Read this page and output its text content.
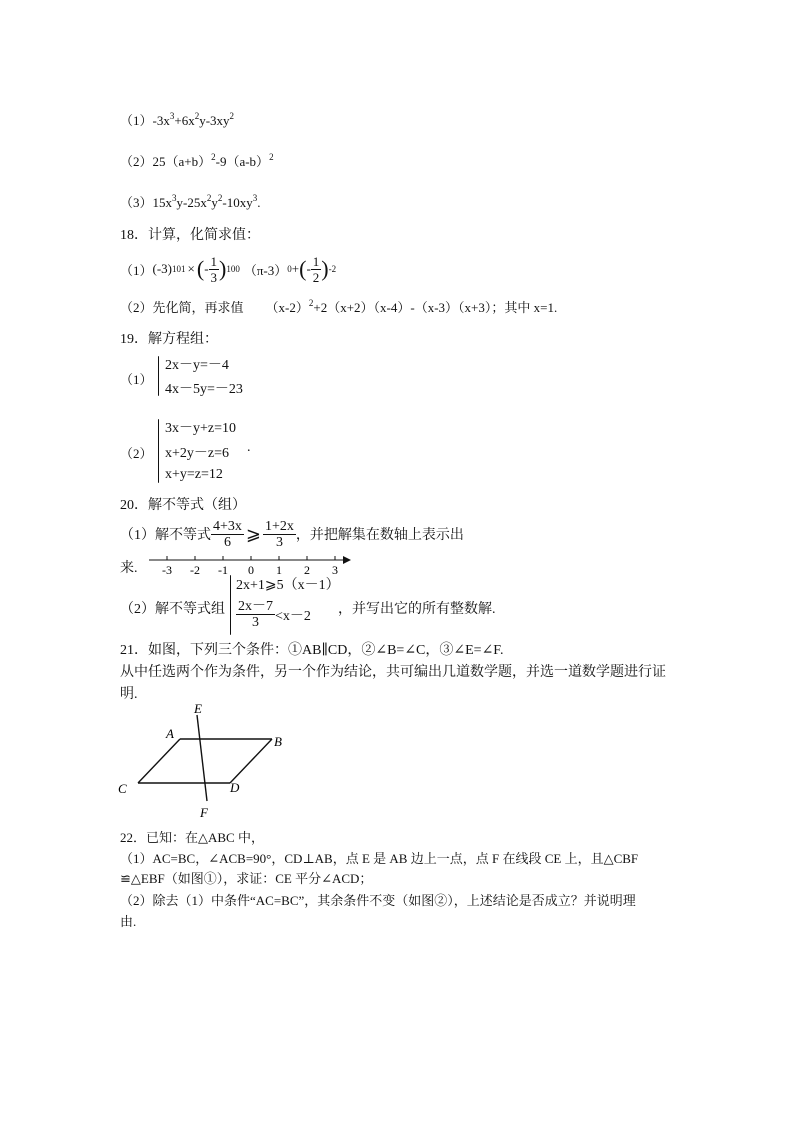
$(1)-3x^3+6x^2y-3xy^2$
$(2)25(a+b)^2-9(a-b)^2$
$(3)15x^3y-25x^2y^2-10xy^3$.
18．计算，化简求值：
（1） (-3) 101 × ( - $\frac{1}{3}$ ) 100 （π-3） 0 + ( - $\frac{1}{2}$ ) -2
（2）先化简，再求值 $(x-2)^2+2(x+2)(x-4)-(x-3)(x+3)$；其中 x=1.
19．解方程组：
（1）
2x－y=－4
4x－5y=－23
（2）
3x－y+z=10
x+2y－z=6
x+y=z=12
.
20．解不等式（组）
（1）解不等式 $\frac{4+3x}{6}$ ⩾ $\frac{1+2x}{3}$ ，并把解集在数轴上表示出
来. -3 -2 -1 0 1 2 3
（2）解不等式组
2x+1⩾5（x－1）
$\frac{2x-7}{3} <x-2$ ，并写出它的所有整数解.
21．如图，下列三个条件：①AB∥CD，②∠B=∠C，③∠E=∠F.
从中任选两个作为条件，另一个作为结论，共可编出几道数学题，并选一道数学题进行证
明.
E
A
B
C	D
F
22．已知：在△ABC 中，
（1）AC=BC，∠ACB=90°，CD⊥AB，点 E 是 AB 边上一点，点 F 在线段 CE 上，且△CBF
≌△EBF（如图①），求证：CE 平分∠ACD；
（2）除去（1）中条件“AC=BC”，其余条件不变（如图②），上述结论是否成立？并说明理
由.
